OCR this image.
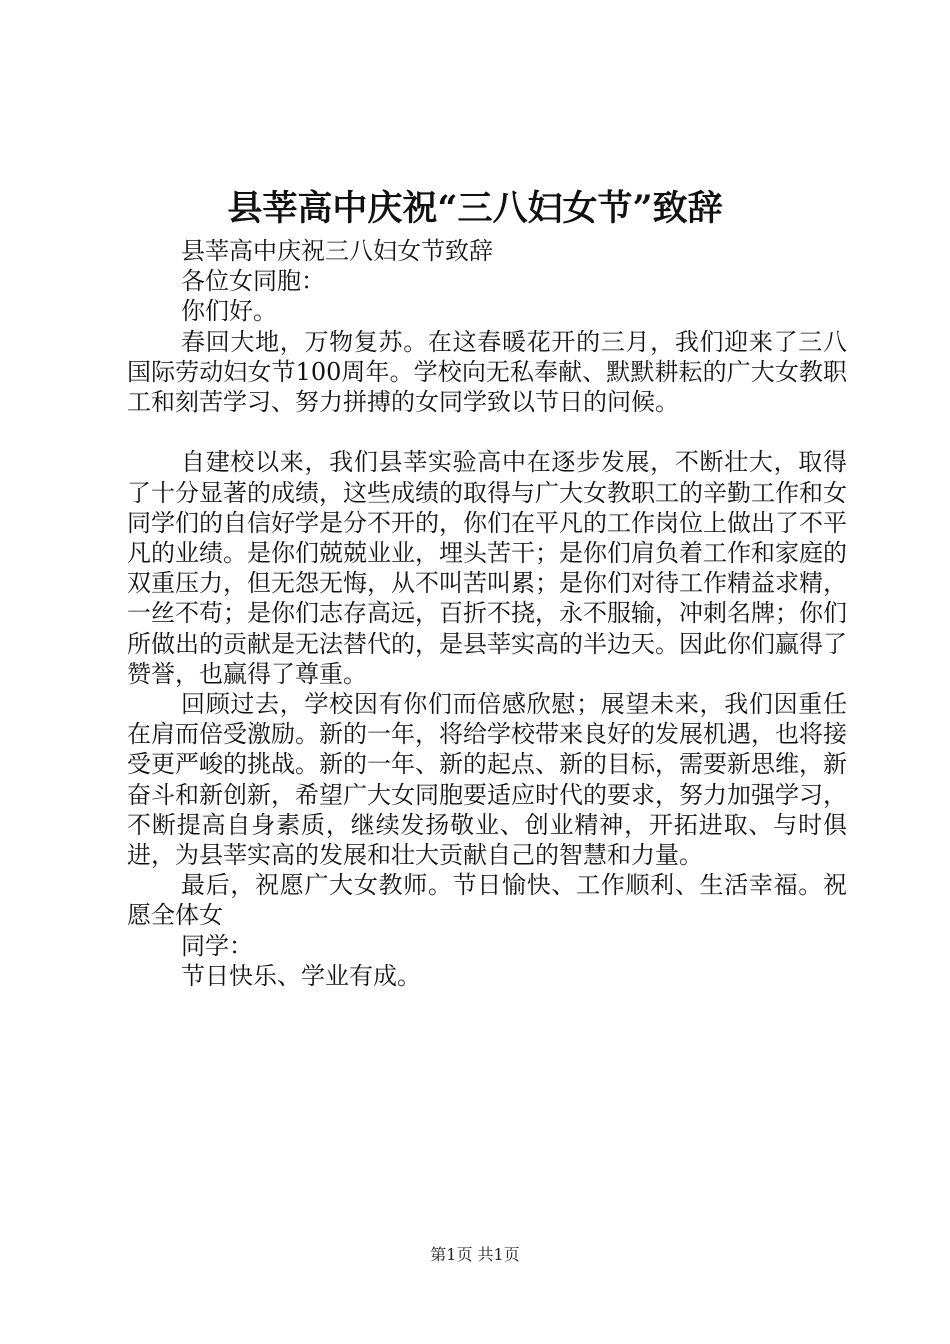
县莘高中庆祝“三八妇女节”致辞

县莘高中庆祝三八妇女节致辞

各位女同胞：

你们好。

春回大地，万物复苏。在这春暖花开的三月，我们迎来了三八国际劳动妇女节100周年。学校向无私奉献、默默耕耘的广大女教职工和刻苦学习、努力拼搏的女同学致以节日的问候。

自建校以来，我们县莘实验高中在逐步发展，不断壮大，取得了十分显著的成绩，这些成绩的取得与广大女教职工的辛勤工作和女同学们的自信好学是分不开的，你们在平凡的工作岗位上做出了不平凡的业绩。是你们兢兢业业，埋头苦干；是你们肩负着工作和家庭的双重压力，但无怨无悔，从不叫苦叫累；是你们对待工作精益求精，一丝不苟；是你们志存高远，百折不挠，永不服输，冲刺名牌；你们所做出的贡献是无法替代的，是县莘实高的半边天。因此你们赢得了赞誉，也赢得了尊重。

回顾过去，学校因有你们而倍感欣慰；展望未来，我们因重任在肩而倍受激励。新的一年，将给学校带来良好的发展机遇，也将接受更严峻的挑战。新的一年、新的起点、新的目标，需要新思维，新奋斗和新创新，希望广大女同胞要适应时代的要求，努力加强学习，不断提高自身素质，继续发扬敬业、创业精神，开拓进取、与时俱进，为县莘实高的发展和壮大贡献自己的智慧和力量。

最后，祝愿广大女教师。节日愉快、工作顺利、生活幸福。祝愿全体女

同学：

节日快乐、学业有成。

第1页 共1页
